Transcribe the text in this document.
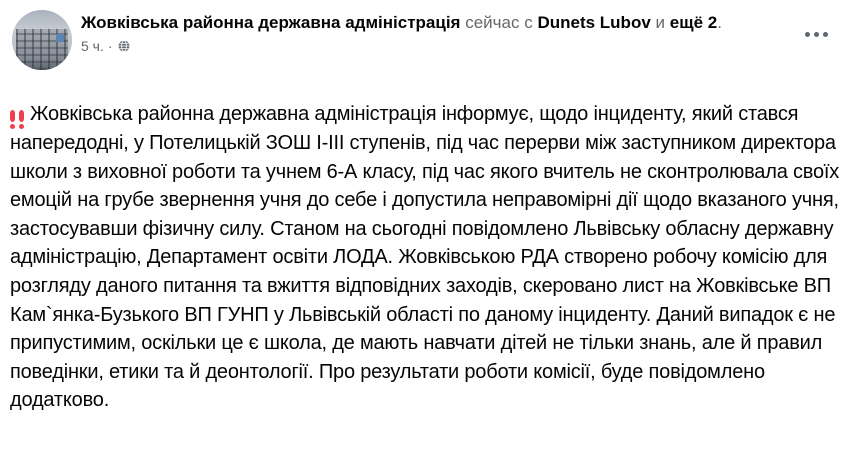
Жовківська районна державна адміністрація сейчас с Dunets Lubov и ещё 2.
5 ч. ·
Жовківська районна державна адміністрація інформує, щодо інциденту, який стався напередодні, у Потелицькій ЗОШ І-ІІІ ступенів, під час перерви між заступником директора школи з виховної роботи та учнем 6-А класу, під час якого вчитель не сконтролювала своїх емоцій на грубе звернення учня до себе і допустила неправомірні дії щодо вказаного учня, застосувавши фізичну силу. Станом на сьогодні повідомлено Львівську обласну державну адміністрацію, Департамент освіти ЛОДА. Жовківською РДА створено робочу комісію для розгляду даного питання та вжиття відповідних заходів, скеровано лист на Жовківське ВП Кам`янка-Бузького ВП ГУНП у Львівській області по даному інциденту. Даний випадок є не припустимим, оскільки це є школа, де мають навчати дітей не тільки знань, але й правил поведінки, етики та й деонтології. Про результати роботи комісії, буде повідомлено додатково.
